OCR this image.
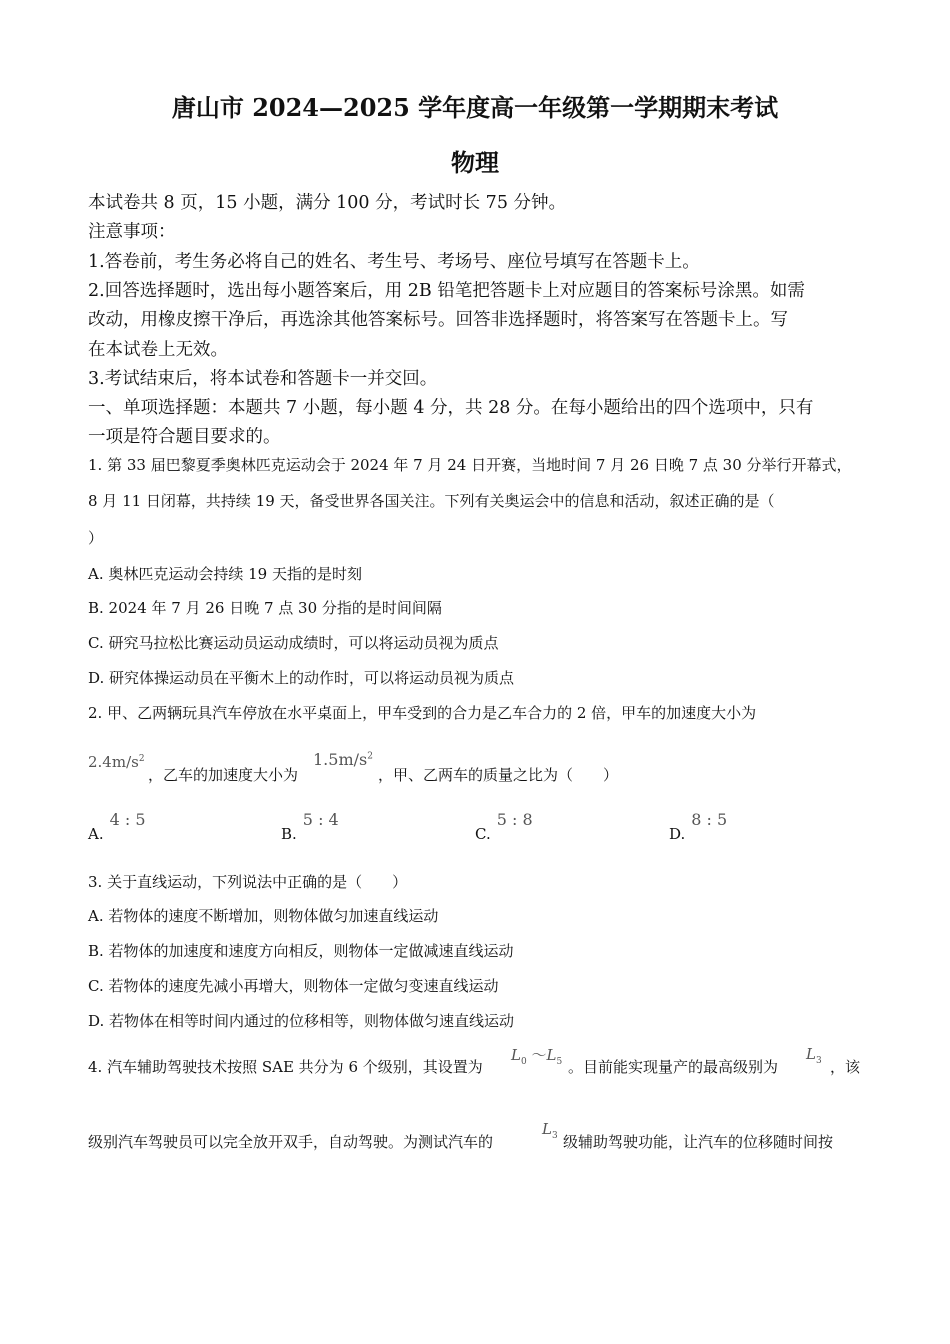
唐山市 2024—2025 学年度高一年级第一学期期末考试
物理
本试卷共 8 页，15 小题，满分 100 分，考试时长 75 分钟。
注意事项：
1.答卷前，考生务必将自己的姓名、考生号、考场号、座位号填写在答题卡上。
2.回答选择题时，选出每小题答案后，用 2B 铅笔把答题卡上对应题目的答案标号涂黑。如需
改动，用橡皮擦干净后，再选涂其他答案标号。回答非选择题时，将答案写在答题卡上。写
在本试卷上无效。
3.考试结束后，将本试卷和答题卡一并交回。
一、单项选择题：本题共 7 小题，每小题 4 分，共 28 分。在每小题给出的四个选项中，只有
一项是符合题目要求的。
1. 第 33 届巴黎夏季奥林匹克运动会于 2024 年 7 月 24 日开赛，当地时间 7 月 26 日晚 7 点 30 分举行开幕式，
8 月 11 日闭幕，共持续 19 天，备受世界各国关注。下列有关奥运会中的信息和活动，叙述正确的是（
）
A. 奥林匹克运动会持续 19 天指的是时刻
B. 2024 年 7 月 26 日晚 7 点 30 分指的是时间间隔
C. 研究马拉松比赛运动员运动成绩时，可以将运动员视为质点
D. 研究体操运动员在平衡木上的动作时，可以将运动员视为质点
2. 甲、乙两辆玩具汽车停放在水平桌面上，甲车受到的合力是乙车合力的 2 倍，甲车的加速度大小为
$2.4m/s^2$
，乙车的加速度大小为
$1.5m/s^2$
，甲、乙两车的质量之比为（　　）
A.4 : 5
B.5 : 4
C.5 : 8
D.8 : 5
3. 关于直线运动，下列说法中正确的是（　　）
A. 若物体的速度不断增加，则物体做匀加速直线运动
B. 若物体的加速度和速度方向相反，则物体一定做减速直线运动
C. 若物体的速度先减小再增大，则物体一定做匀变速直线运动
D. 若物体在相等时间内通过的位移相等，则物体做匀速直线运动
4. 汽车辅助驾驶技术按照 SAE 共分为 6 个级别，其设置为
$L_0$ $\sim L_5$ 。目前能实现量产的最高级别为
$L_3$ ，该
级别汽车驾驶员可以完全放开双手，自动驾驶。为测试汽车的
$L_3$ 级辅助驾驶功能，让汽车的位移随时间按
